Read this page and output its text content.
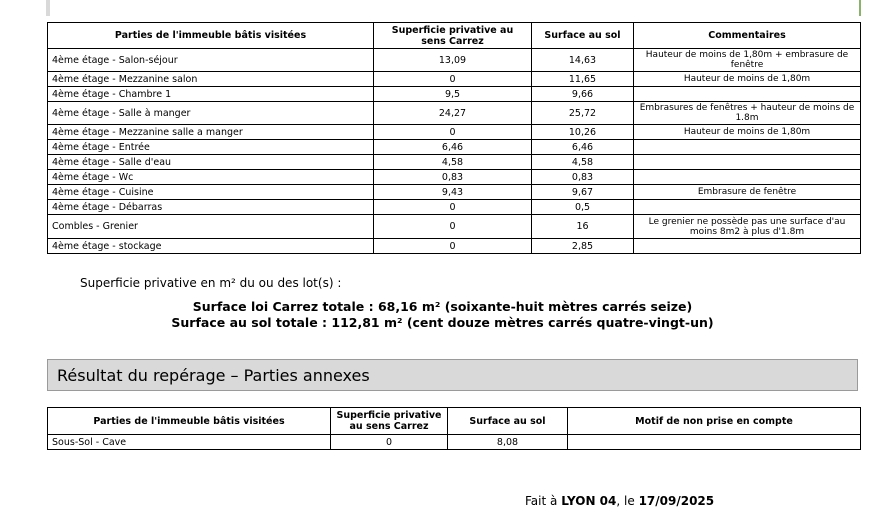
Parties de l'immeuble bâtis visitées	Superficie privative au sens Carrez	Surface au sol	Commentaires
4ème étage - Salon-séjour	13,09	14,63	Hauteur de moins de 1,80m + embrasure de fenêtre
4ème étage - Mezzanine salon	0	11,65	Hauteur de moins de 1,80m
4ème étage - Chambre 1	9,5	9,66	
4ème étage - Salle à manger	24,27	25,72	Embrasures de fenêtres + hauteur de moins de 1.8m
4ème étage - Mezzanine salle a manger	0	10,26	Hauteur de moins de 1,80m
4ème étage - Entrée	6,46	6,46	
4ème étage - Salle d'eau	4,58	4,58	
4ème étage - Wc	0,83	0,83	
4ème étage - Cuisine	9,43	9,67	Embrasure de fenêtre
4ème étage - Débarras	0	0,5	
Combles - Grenier	0	16	Le grenier ne possède pas une surface d'au moins 8m2 à plus d'1.8m
4ème étage - stockage	0	2,85	
Superficie privative en m² du ou des lot(s) :
Surface loi Carrez totale : 68,16 m² (soixante-huit mètres carrés seize)
Surface au sol totale : 112,81 m² (cent douze mètres carrés quatre-vingt-un)
Résultat du repérage – Parties annexes
Parties de l'immeuble bâtis visitées	Superficie privative au sens Carrez	Surface au sol	Motif de non prise en compte
Sous-Sol - Cave	0	8,08	
Fait à LYON 04, le 17/09/2025
